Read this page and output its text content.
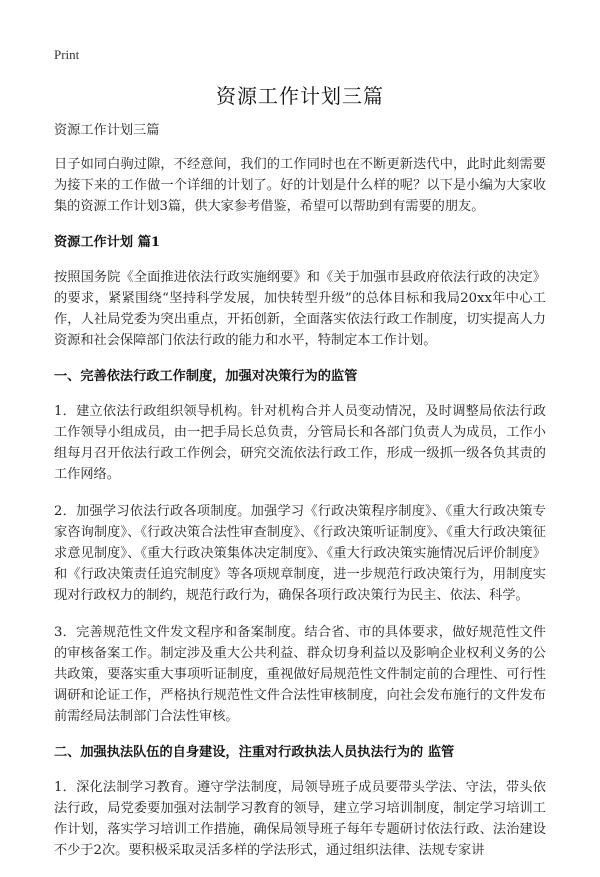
Print
资源工作计划三篇

资源工作计划三篇

日子如同白驹过隙，不经意间，我们的工作同时也在不断更新迭代中，此时此刻需要为接下来的工作做一个详细的计划了。好的计划是什么样的呢？以下是小编为大家收集的资源工作计划3篇，供大家参考借鉴，希望可以帮助到有需要的朋友。

资源工作计划 篇1

按照国务院《全面推进依法行政实施纲要》和《关于加强市县政府依法行政的决定》的要求，紧紧围绕“坚持科学发展，加快转型升级”的总体目标和我局20xx年中心工作，人社局党委为突出重点，开拓创新，全面落实依法行政工作制度，切实提高人力资源和社会保障部门依法行政的能力和水平，特制定本工作计划。

一、完善依法行政工作制度，加强对决策行为的监管

1．建立依法行政组织领导机构。针对机构合并人员变动情况，及时调整局依法行政工作领导小组成员，由一把手局长总负责，分管局长和各部门负责人为成员，工作小组每月召开依法行政工作例会，研究交流依法行政工作，形成一级抓一级各负其责的工作网络。

2．加强学习依法行政各项制度。加强学习《行政决策程序制度》、《重大行政决策专家咨询制度》、《行政决策合法性审查制度》、《行政决策听证制度》、《重大行政决策征求意见制度》、《重大行政决策集体决定制度》、《重大行政决策实施情况后评价制度》和《行政决策责任追究制度》等各项规章制度，进一步规范行政决策行为，用制度实现对行政权力的制约，规范行政行为，确保各项行政决策行为民主、依法、科学。

3．完善规范性文件发文程序和备案制度。结合省、市的具体要求，做好规范性文件的审核备案工作。制定涉及重大公共利益、群众切身利益以及影响企业权利义务的公共政策，要落实重大事项听证制度，重视做好局规范性文件制定前的合理性、可行性调研和论证工作，严格执行规范性文件合法性审核制度，向社会发布施行的文件发布前需经局法制部门合法性审核。

二、加强执法队伍的自身建设，注重对行政执法人员执法行为的 监管

1．深化法制学习教育。遵守学法制度，局领导班子成员要带头学法、守法，带头依法行政，局党委要加强对法制学习教育的领导，建立学习培训制度，制定学习培训工作计划，落实学习培训工作措施，确保局领导班子每年专题研讨依法行政、法治建设不少于2次。要积极采取灵活多样的学法形式，通过组织法律、法规专家讲
